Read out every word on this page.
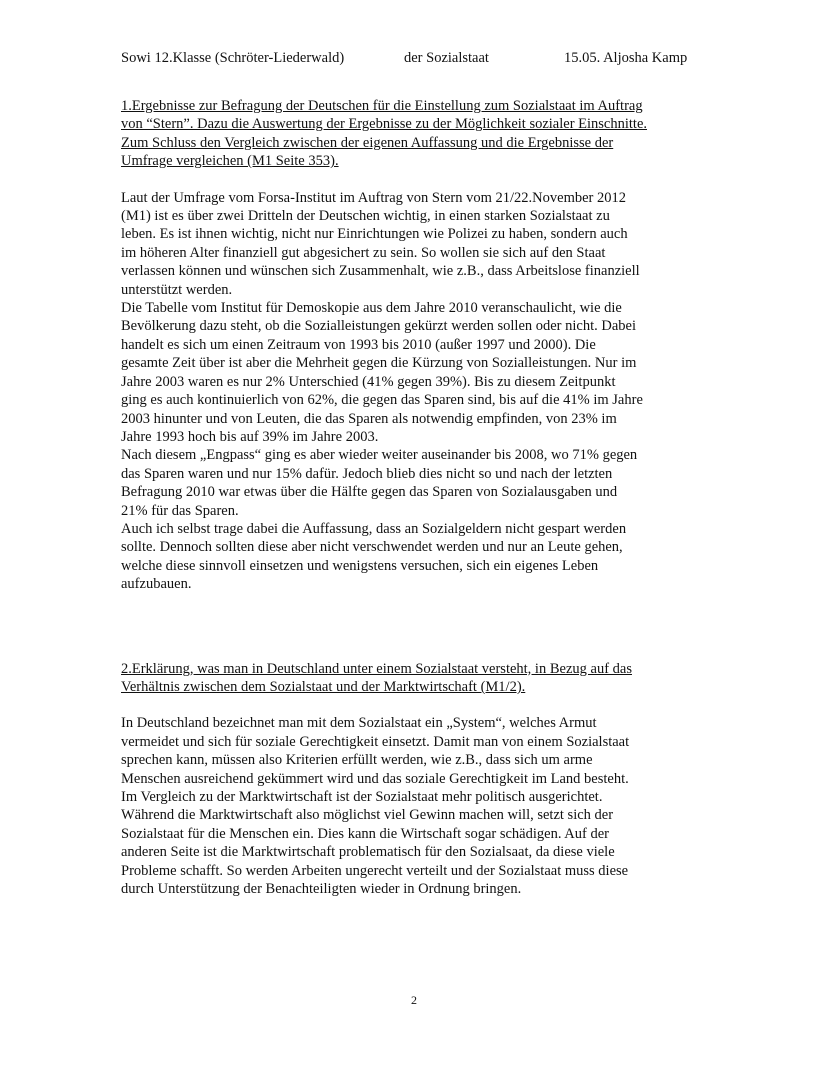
Sowi 12.Klasse (Schröter-Liederwald)	der Sozialstaat	15.05. Aljosha Kamp
1.Ergebnisse zur Befragung der Deutschen für die Einstellung zum Sozialstaat im Auftrag
von “Stern”. Dazu die Auswertung der Ergebnisse zu der Möglichkeit sozialer Einschnitte.
Zum Schluss den Vergleich zwischen der eigenen Auffassung und die Ergebnisse der
Umfrage vergleichen (M1 Seite 353).
Laut der Umfrage vom Forsa-Institut im Auftrag von Stern vom 21/22.November 2012
(M1) ist es über zwei Dritteln der Deutschen wichtig, in einen starken Sozialstaat zu
leben. Es ist ihnen wichtig, nicht nur Einrichtungen wie Polizei zu haben, sondern auch
im höheren Alter finanziell gut abgesichert zu sein. So wollen sie sich auf den Staat
verlassen können und wünschen sich Zusammenhalt, wie z.B., dass Arbeitslose finanziell
unterstützt werden.
Die Tabelle vom Institut für Demoskopie aus dem Jahre 2010 veranschaulicht, wie die
Bevölkerung dazu steht, ob die Sozialleistungen gekürzt werden sollen oder nicht. Dabei
handelt es sich um einen Zeitraum von 1993 bis 2010 (außer 1997 und 2000). Die
gesamte Zeit über ist aber die Mehrheit gegen die Kürzung von Sozialleistungen. Nur im
Jahre 2003 waren es nur 2% Unterschied (41% gegen 39%). Bis zu diesem Zeitpunkt
ging es auch kontinuierlich von 62%, die gegen das Sparen sind, bis auf die 41% im Jahre
2003 hinunter und von Leuten, die das Sparen als notwendig empfinden, von 23% im
Jahre 1993 hoch bis auf 39% im Jahre 2003.
Nach diesem „Engpass“ ging es aber wieder weiter auseinander bis 2008, wo 71% gegen
das Sparen waren und nur 15% dafür. Jedoch blieb dies nicht so und nach der letzten
Befragung 2010 war etwas über die Hälfte gegen das Sparen von Sozialausgaben und
21% für das Sparen.
Auch ich selbst trage dabei die Auffassung, dass an Sozialgeldern nicht gespart werden
sollte. Dennoch sollten diese aber nicht verschwendet werden und nur an Leute gehen,
welche diese sinnvoll einsetzen und wenigstens versuchen, sich ein eigenes Leben
aufzubauen.
2.Erklärung, was man in Deutschland unter einem Sozialstaat versteht, in Bezug auf das
Verhältnis zwischen dem Sozialstaat und der Marktwirtschaft (M1/2).
In Deutschland bezeichnet man mit dem Sozialstaat ein „System“, welches Armut
vermeidet und sich für soziale Gerechtigkeit einsetzt. Damit man von einem Sozialstaat
sprechen kann, müssen also Kriterien erfüllt werden, wie z.B., dass sich um arme
Menschen ausreichend gekümmert wird und das soziale Gerechtigkeit im Land besteht.
Im Vergleich zu der Marktwirtschaft ist der Sozialstaat mehr politisch ausgerichtet.
Während die Marktwirtschaft also möglichst viel Gewinn machen will, setzt sich der
Sozialstaat für die Menschen ein. Dies kann die Wirtschaft sogar schädigen. Auf der
anderen Seite ist die Marktwirtschaft problematisch für den Sozialsaat, da diese viele
Probleme schafft. So werden Arbeiten ungerecht verteilt und der Sozialstaat muss diese
durch Unterstützung der Benachteiligten wieder in Ordnung bringen.
2
